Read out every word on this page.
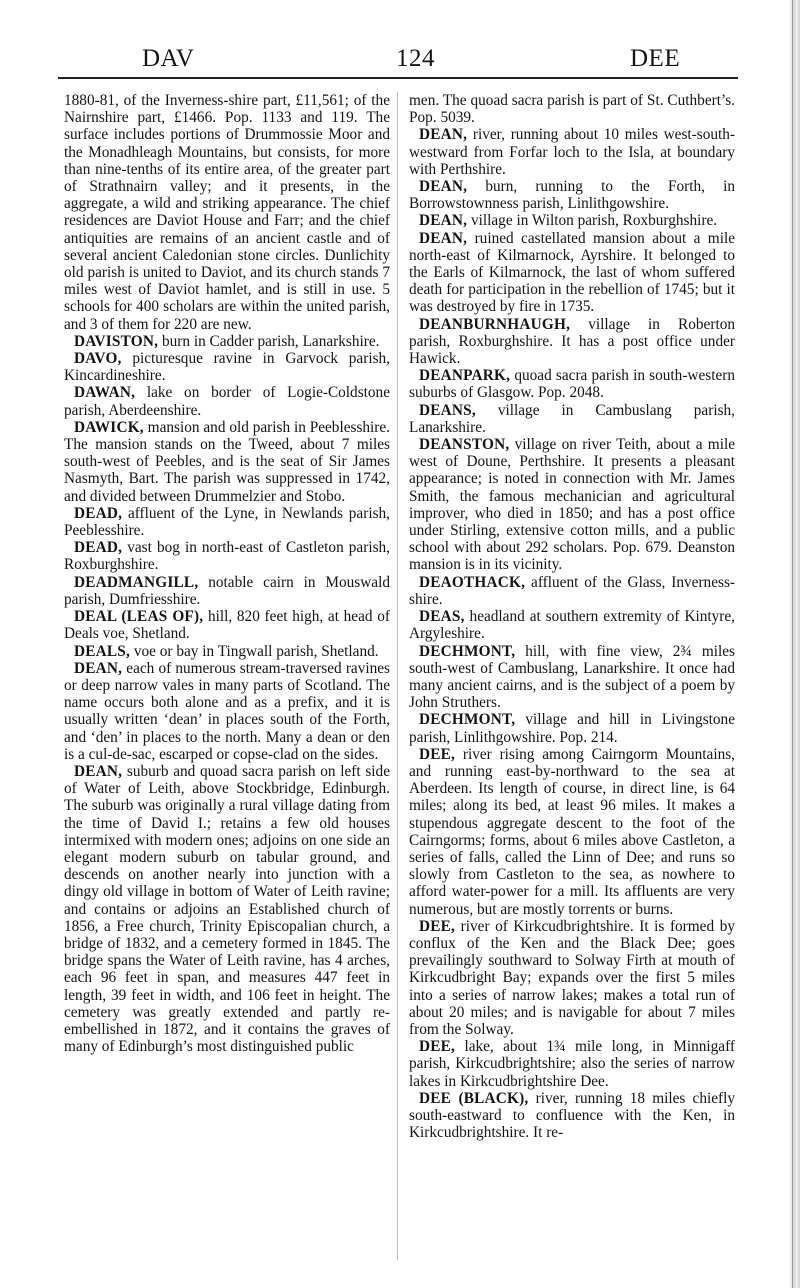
DAV	124	DEE

1880-81, of the Inverness-shire part, £11,561; of the Nairnshire part, £1466. Pop. 1133 and 119. The surface includes portions of Drummossie Moor and the Monadhleagh Mountains, but consists, for more than nine-tenths of its entire area, of the greater part of Strathnairn valley; and it presents, in the aggregate, a wild and striking appearance. The chief residences are Daviot House and Farr; and the chief antiquities are remains of an ancient castle and of several ancient Caledonian stone circles. Dunlichity old parish is united to Daviot, and its church stands 7 miles west of Daviot hamlet, and is still in use. 5 schools for 400 scholars are within the united parish, and 3 of them for 220 are new.

DAVISTON, burn in Cadder parish, Lanarkshire.

DAVO, picturesque ravine in Garvock parish, Kincardineshire.

DAWAN, lake on border of Logie-Coldstone parish, Aberdeenshire.

DAWICK, mansion and old parish in Peeblesshire. The mansion stands on the Tweed, about 7 miles south-west of Peebles, and is the seat of Sir James Nasmyth, Bart. The parish was suppressed in 1742, and divided between Drummelzier and Stobo.

DEAD, affluent of the Lyne, in Newlands parish, Peeblesshire.

DEAD, vast bog in north-east of Castleton parish, Roxburghshire.

DEADMANGILL, notable cairn in Mouswald parish, Dumfriesshire.

DEAL (LEAS OF), hill, 820 feet high, at head of Deals voe, Shetland.

DEALS, voe or bay in Tingwall parish, Shetland.

DEAN, each of numerous stream-traversed ravines or deep narrow vales in many parts of Scotland. The name occurs both alone and as a prefix, and it is usually written ‘dean’ in places south of the Forth, and ‘den’ in places to the north. Many a dean or den is a cul-de-sac, escarped or copse-clad on the sides.

DEAN, suburb and quoad sacra parish on left side of Water of Leith, above Stockbridge, Edinburgh. The suburb was originally a rural village dating from the time of David I.; retains a few old houses intermixed with modern ones; adjoins on one side an elegant modern suburb on tabular ground, and descends on another nearly into junction with a dingy old village in bottom of Water of Leith ravine; and contains or adjoins an Established church of 1856, a Free church, Trinity Episcopalian church, a bridge of 1832, and a cemetery formed in 1845. The bridge spans the Water of Leith ravine, has 4 arches, each 96 feet in span, and measures 447 feet in length, 39 feet in width, and 106 feet in height. The cemetery was greatly extended and partly re-embellished in 1872, and it contains the graves of many of Edinburgh’s most distinguished public

men. The quoad sacra parish is part of St. Cuthbert’s. Pop. 5039.

DEAN, river, running about 10 miles west-south-westward from Forfar loch to the Isla, at boundary with Perthshire.

DEAN, burn, running to the Forth, in Borrowstownness parish, Linlithgowshire.

DEAN, village in Wilton parish, Roxburghshire.

DEAN, ruined castellated mansion about a mile north-east of Kilmarnock, Ayrshire. It belonged to the Earls of Kilmarnock, the last of whom suffered death for participation in the rebellion of 1745; but it was destroyed by fire in 1735.

DEANBURNHAUGH, village in Roberton parish, Roxburghshire. It has a post office under Hawick.

DEANPARK, quoad sacra parish in south-western suburbs of Glasgow. Pop. 2048.

DEANS, village in Cambuslang parish, Lanarkshire.

DEANSTON, village on river Teith, about a mile west of Doune, Perthshire. It presents a pleasant appearance; is noted in connection with Mr. James Smith, the famous mechanician and agricultural improver, who died in 1850; and has a post office under Stirling, extensive cotton mills, and a public school with about 292 scholars. Pop. 679. Deanston mansion is in its vicinity.

DEAOTHACK, affluent of the Glass, Inverness-shire.

DEAS, headland at southern extremity of Kintyre, Argyleshire.

DECHMONT, hill, with fine view, 2¾ miles south-west of Cambuslang, Lanarkshire. It once had many ancient cairns, and is the subject of a poem by John Struthers.

DECHMONT, village and hill in Livingstone parish, Linlithgowshire. Pop. 214.

DEE, river rising among Cairngorm Mountains, and running east-by-northward to the sea at Aberdeen. Its length of course, in direct line, is 64 miles; along its bed, at least 96 miles. It makes a stupendous aggregate descent to the foot of the Cairngorms; forms, about 6 miles above Castleton, a series of falls, called the Linn of Dee; and runs so slowly from Castleton to the sea, as nowhere to afford water-power for a mill. Its affluents are very numerous, but are mostly torrents or burns.

DEE, river of Kirkcudbrightshire. It is formed by conflux of the Ken and the Black Dee; goes prevailingly southward to Solway Firth at mouth of Kirkcudbright Bay; expands over the first 5 miles into a series of narrow lakes; makes a total run of about 20 miles; and is navigable for about 7 miles from the Solway.

DEE, lake, about 1¾ mile long, in Minnigaff parish, Kirkcudbrightshire; also the series of narrow lakes in Kirkcudbrightshire Dee.

DEE (BLACK), river, running 18 miles chiefly south-eastward to confluence with the Ken, in Kirkcudbrightshire. It re-
